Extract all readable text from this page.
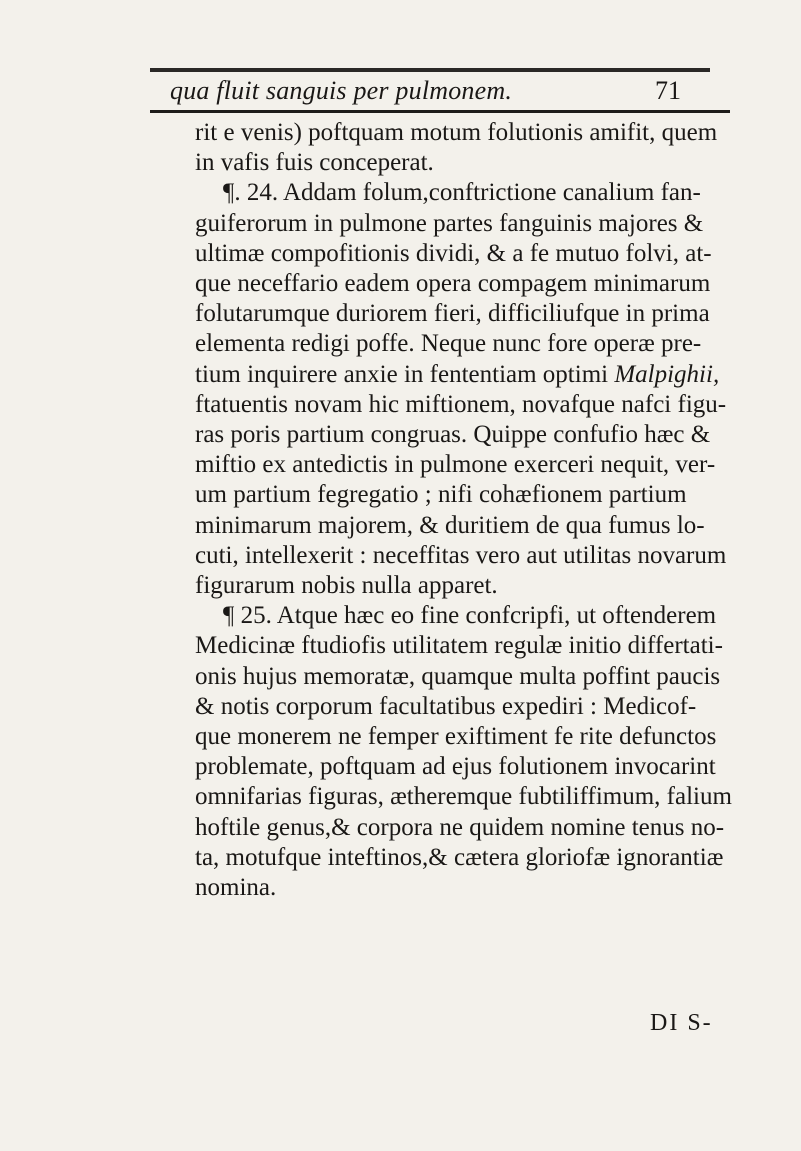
qua fluit sanguis per pulmonem.	71
rit e venis) poftquam motum folutionis amifit, quem
in vafis fuis conceperat.
¶. 24. Addam folum,conftrictione canalium fan-
guiferorum in pulmone partes fanguinis majores &
ultimæ compofitionis dividi, & a fe mutuo folvi, at-
que neceffario eadem opera compagem minimarum
folutarumque duriorem fieri, difficiliufque in prima
elementa redigi poffe. Neque nunc fore operæ pre-
tium inquirere anxie in fententiam optimi Malpighii,
ftatuentis novam hic miftionem, novafque nafci figu-
ras poris partium congruas. Quippe confufio hæc &
miftio ex antedictis in pulmone exerceri nequit, ver-
um partium fegregatio ; nifi cohæfionem partium
minimarum majorem, & duritiem de qua fumus lo-
cuti, intellexerit : neceffitas vero aut utilitas novarum
figurarum nobis nulla apparet.
¶ 25. Atque hæc eo fine confcripfi, ut oftenderem
Medicinæ ftudiofis utilitatem regulæ initio differtati-
onis hujus memoratæ, quamque multa poffint paucis
& notis corporum facultatibus expediri : Medicof-
que monerem ne femper exiftiment fe rite defunctos
problemate, poftquam ad ejus folutionem invocarint
omnifarias figuras, ætheremque fubtiliffimum, falium
hoftile genus,& corpora ne quidem nomine tenus no-
ta, motufque inteftinos,& cætera gloriofæ ignorantiæ
nomina.
DI S-
